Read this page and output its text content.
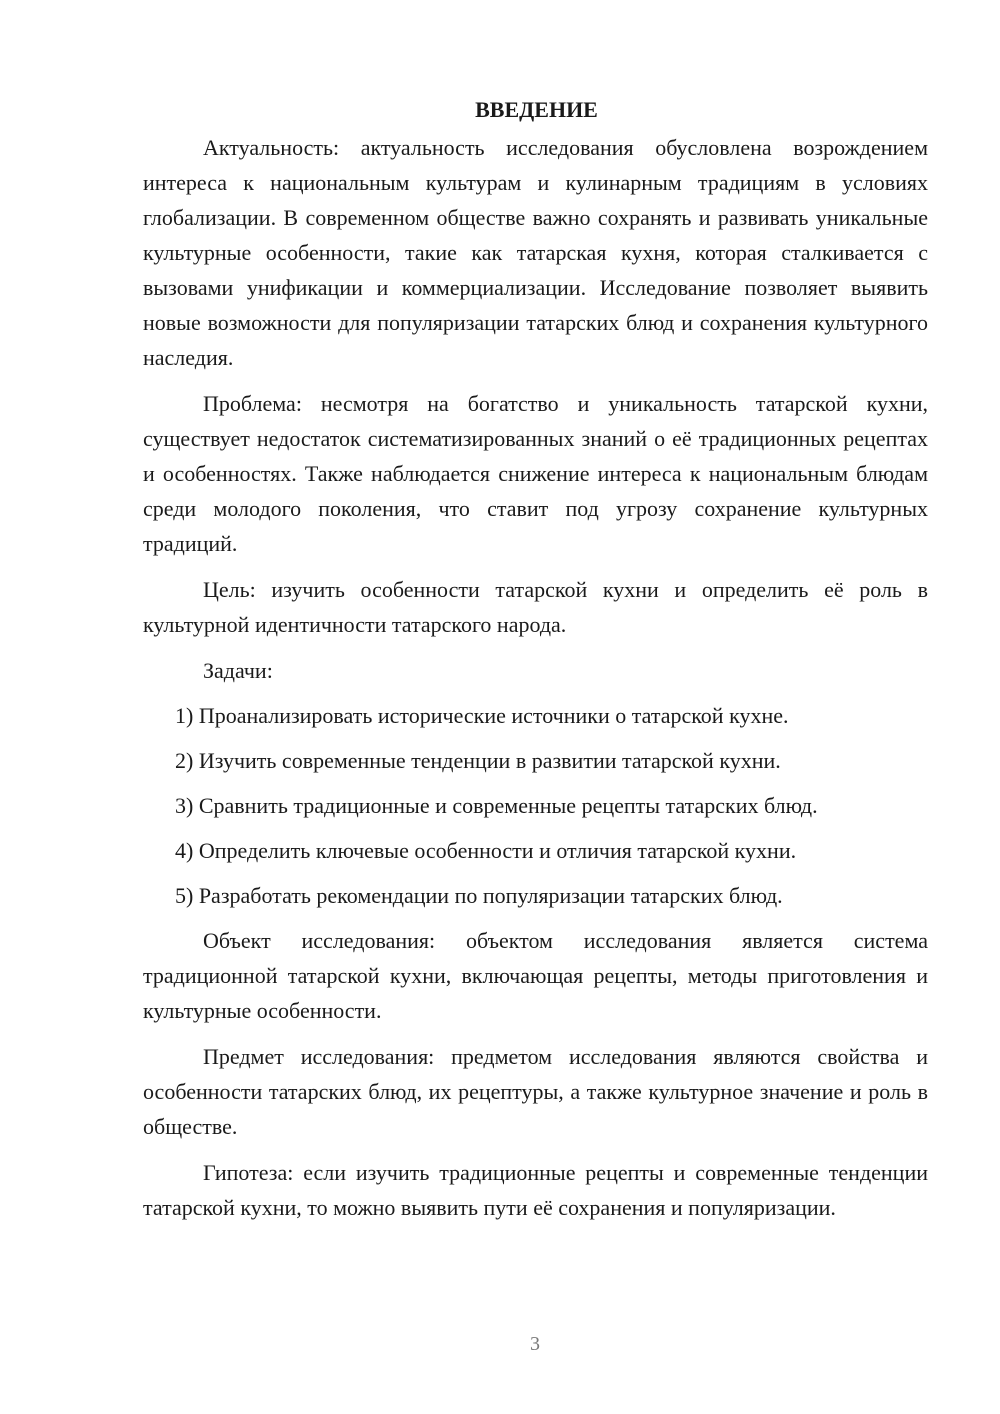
ВВЕДЕНИЕ

Актуальность: актуальность исследования обусловлена возрождением интереса к национальным культурам и кулинарным традициям в условиях глобализации. В современном обществе важно сохранять и развивать уникальные культурные особенности, такие как татарская кухня, которая сталкивается с вызовами унификации и коммерциализации. Исследование позволяет выявить новые возможности для популяризации татарских блюд и сохранения культурного наследия.

Проблема: несмотря на богатство и уникальность татарской кухни, существует недостаток систематизированных знаний о её традиционных рецептах и особенностях. Также наблюдается снижение интереса к национальным блюдам среди молодого поколения, что ставит под угрозу сохранение культурных традиций.

Цель: изучить особенности татарской кухни и определить её роль в культурной идентичности татарского народа.

Задачи:

1) Проанализировать исторические источники о татарской кухне.
2) Изучить современные тенденции в развитии татарской кухни.
3) Сравнить традиционные и современные рецепты татарских блюд.
4) Определить ключевые особенности и отличия татарской кухни.
5) Разработать рекомендации по популяризации татарских блюд.

Объект исследования: объектом исследования является система традиционной татарской кухни, включающая рецепты, методы приготовления и культурные особенности.

Предмет исследования: предметом исследования являются свойства и особенности татарских блюд, их рецептуры, а также культурное значение и роль в обществе.

Гипотеза: если изучить традиционные рецепты и современные тенденции татарской кухни, то можно выявить пути её сохранения и популяризации.

3
